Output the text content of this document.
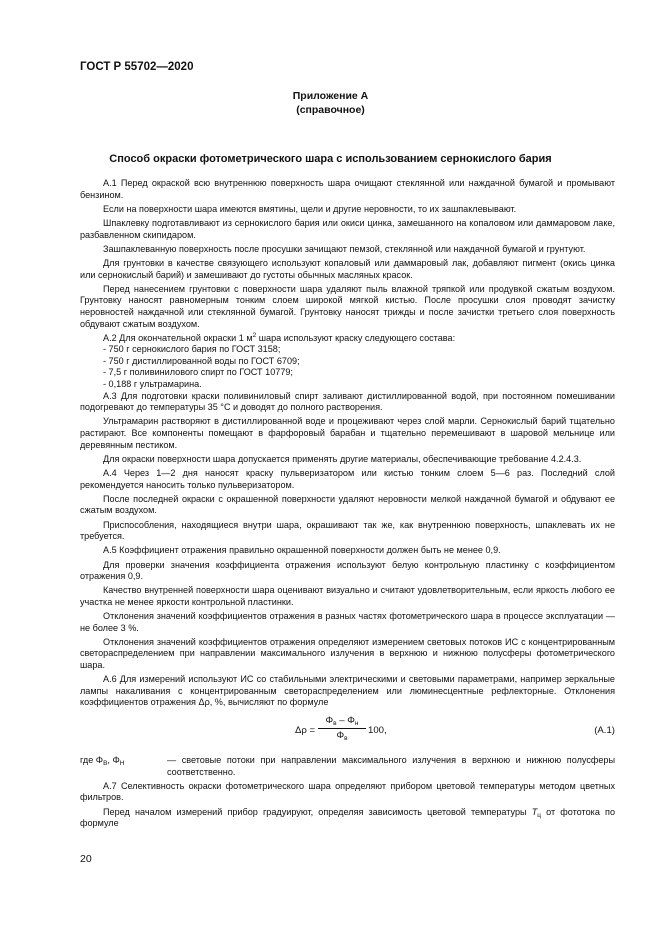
ГОСТ Р 55702—2020
Приложение А
(справочное)
Способ окраски фотометрического шара с использованием сернокислого бария

А.1 Перед окраской всю внутреннюю поверхность шара очищают стеклянной или наждачной бумагой и промывают бензином.

Если на поверхности шара имеются вмятины, щели и другие неровности, то их зашпаклевывают.

Шпаклевку подготавливают из сернокислого бария или окиси цинка, замешанного на копаловом или даммаровом лаке, разбавленном скипидаром.

Зашпаклеванную поверхность после просушки зачищают пемзой, стеклянной или наждачной бумагой и грунтуют.

Для грунтовки в качестве связующего используют копаловый или даммаровый лак, добавляют пигмент (окись цинка или сернокислый барий) и замешивают до густоты обычных масляных красок.

Перед нанесением грунтовки с поверхности шара удаляют пыль влажной тряпкой или продувкой сжатым воздухом. Грунтовку наносят равномерным тонким слоем широкой мягкой кистью. После просушки слоя проводят зачистку неровностей наждачной или стеклянной бумагой. Грунтовку наносят трижды и после зачистки третьего слоя поверхность обдувают сжатым воздухом.

А.2 Для окончательной окраски 1 $м^2$ шара используют краску следующего состава:

- 750 г сернокислого бария по ГОСТ 3158;

- 750 г дистиллированной воды по ГОСТ 6709;

- 7,5 г поливинилового спирт по ГОСТ 10779;

- 0,188 г ультрамарина.

А.3 Для подготовки краски поливиниловый спирт заливают дистиллированной водой, при постоянном помешивании подогревают до температуры 35 °С и доводят до полного растворения.

Ультрамарин растворяют в дистиллированной воде и процеживают через слой марли. Сернокислый барий тщательно растирают. Все компоненты помещают в фарфоровый барабан и тщательно перемешивают в шаровой мельнице или деревянным пестиком.

Для окраски поверхности шара допускается применять другие материалы, обеспечивающие требование 4.2.4.3.

А.4 Через 1—2 дня наносят краску пульверизатором или кистью тонким слоем 5—6 раз. Последний слой рекомендуется наносить только пульверизатором.

После последней окраски с окрашенной поверхности удаляют неровности мелкой наждачной бумагой и обдувают ее сжатым воздухом.

Приспособления, находящиеся внутри шара, окрашивают так же, как внутреннюю поверхность, шпаклевать их не требуется.

А.5 Коэффициент отражения правильно окрашенной поверхности должен быть не менее 0,9.

Для проверки значения коэффициента отражения используют белую контрольную пластинку с коэффициентом отражения 0,9.

Качество внутренней поверхности шара оценивают визуально и считают удовлетворительным, если яркость любого ее участка не менее яркости контрольной пластинки.

Отклонения значений коэффициентов отражения в разных частях фотометрического шара в процессе эксплуатации — не более 3 %.

Отклонения значений коэффициентов отражения определяют измерением световых потоков ИС с концентрированным светораспределением при направлении максимального излучения в верхнюю и нижнюю полусферы фотометрического шара.

А.6 Для измерений используют ИС со стабильными электрическими и световыми параметрами, например зеркальные лампы накаливания с концентрированным светораспределением или люминесцентные рефлекторные. Отклонения коэффициентов отражения Δρ, %, вычисляют по формуле

Δρ =
$\Phi_в - \Phi_н$
$\Phi_в$
100,	(А.1)
где $\Phi_В$, $\Phi_Н$	— световые потоки при направлении максимального излучения в верхнюю и нижнюю полусферы соответственно.

А.7 Селективность окраски фотометрического шара определяют прибором цветовой температуры методом цветных фильтров.

Перед началом измерений прибор градуируют, определяя зависимость цветовой температуры $T_ц$ от фототока по формуле

20
